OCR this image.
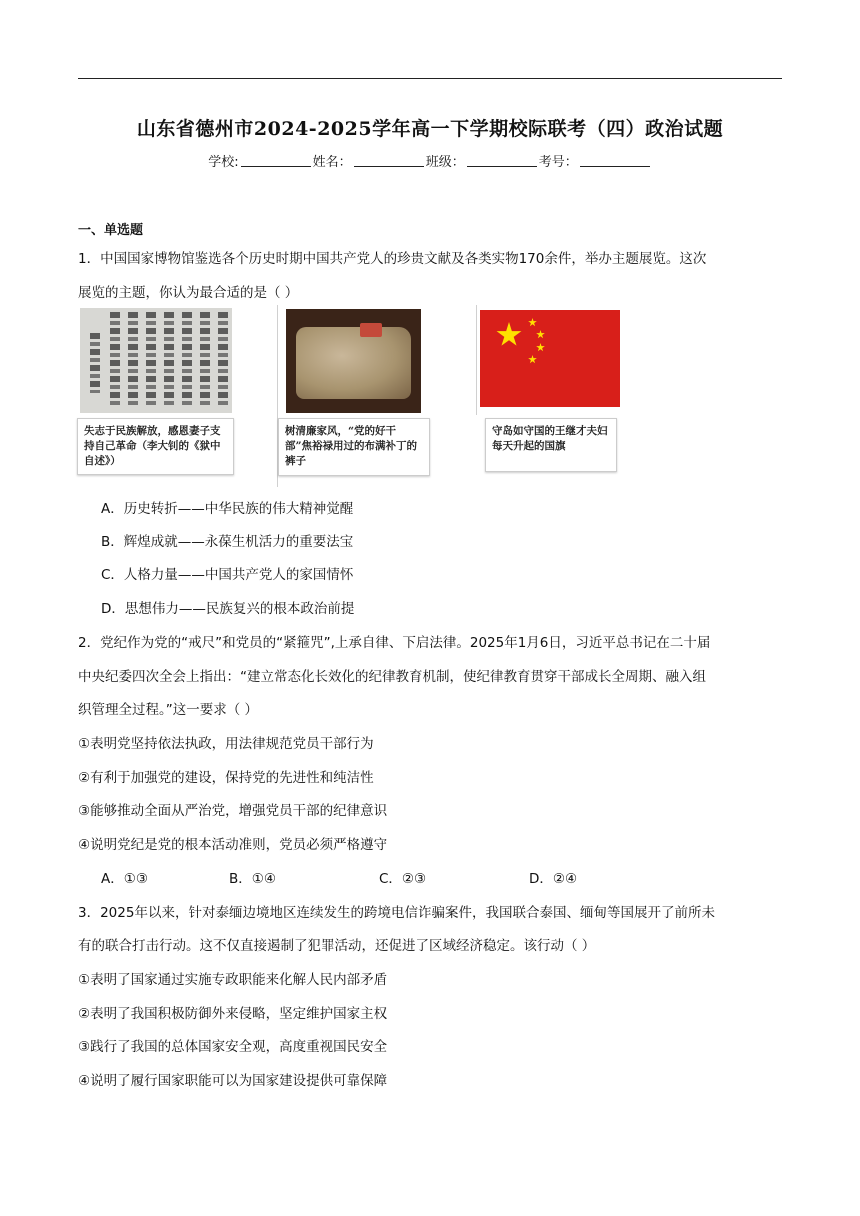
山东省德州市2024-2025学年高一下学期校际联考（四）政治试题
学校:	姓名：	班级：	考号：
一、单选题
1．中国国家博物馆鉴选各个历史时期中国共产党人的珍贵文献及各类实物170余件，举办主题展览。这次
展览的主题，你认为最合适的是（ ）
失志于民族解放，感恩妻子支持自己革命（李大钊的《狱中自述》）
树清廉家风，“党的好干部”焦裕禄用过的布满补丁的裤子
守岛如守国的王继才夫妇每天升起的国旗
A．历史转折——中华民族的伟大精神觉醒
B．辉煌成就——永葆生机活力的重要法宝
C．人格力量——中国共产党人的家国情怀
D．思想伟力——民族复兴的根本政治前提
2．党纪作为党的“戒尺”和党员的“紧箍咒”,上承自律、下启法律。2025年1月6日，习近平总书记在二十届
中央纪委四次全会上指出：“建立常态化长效化的纪律教育机制，使纪律教育贯穿干部成长全周期、融入组
织管理全过程。”这一要求（ ）
①表明党坚持依法执政，用法律规范党员干部行为
②有利于加强党的建设，保持党的先进性和纯洁性
③能够推动全面从严治党，增强党员干部的纪律意识
④说明党纪是党的根本活动准则，党员必须严格遵守
A．①③	B．①④	C．②③	D．②④
3．2025年以来，针对泰缅边境地区连续发生的跨境电信诈骗案件，我国联合泰国、缅甸等国展开了前所未
有的联合打击行动。这不仅直接遏制了犯罪活动，还促进了区域经济稳定。该行动（ ）
①表明了国家通过实施专政职能来化解人民内部矛盾
②表明了我国积极防御外来侵略，坚定维护国家主权
③践行了我国的总体国家安全观，高度重视国民安全
④说明了履行国家职能可以为国家建设提供可靠保障
